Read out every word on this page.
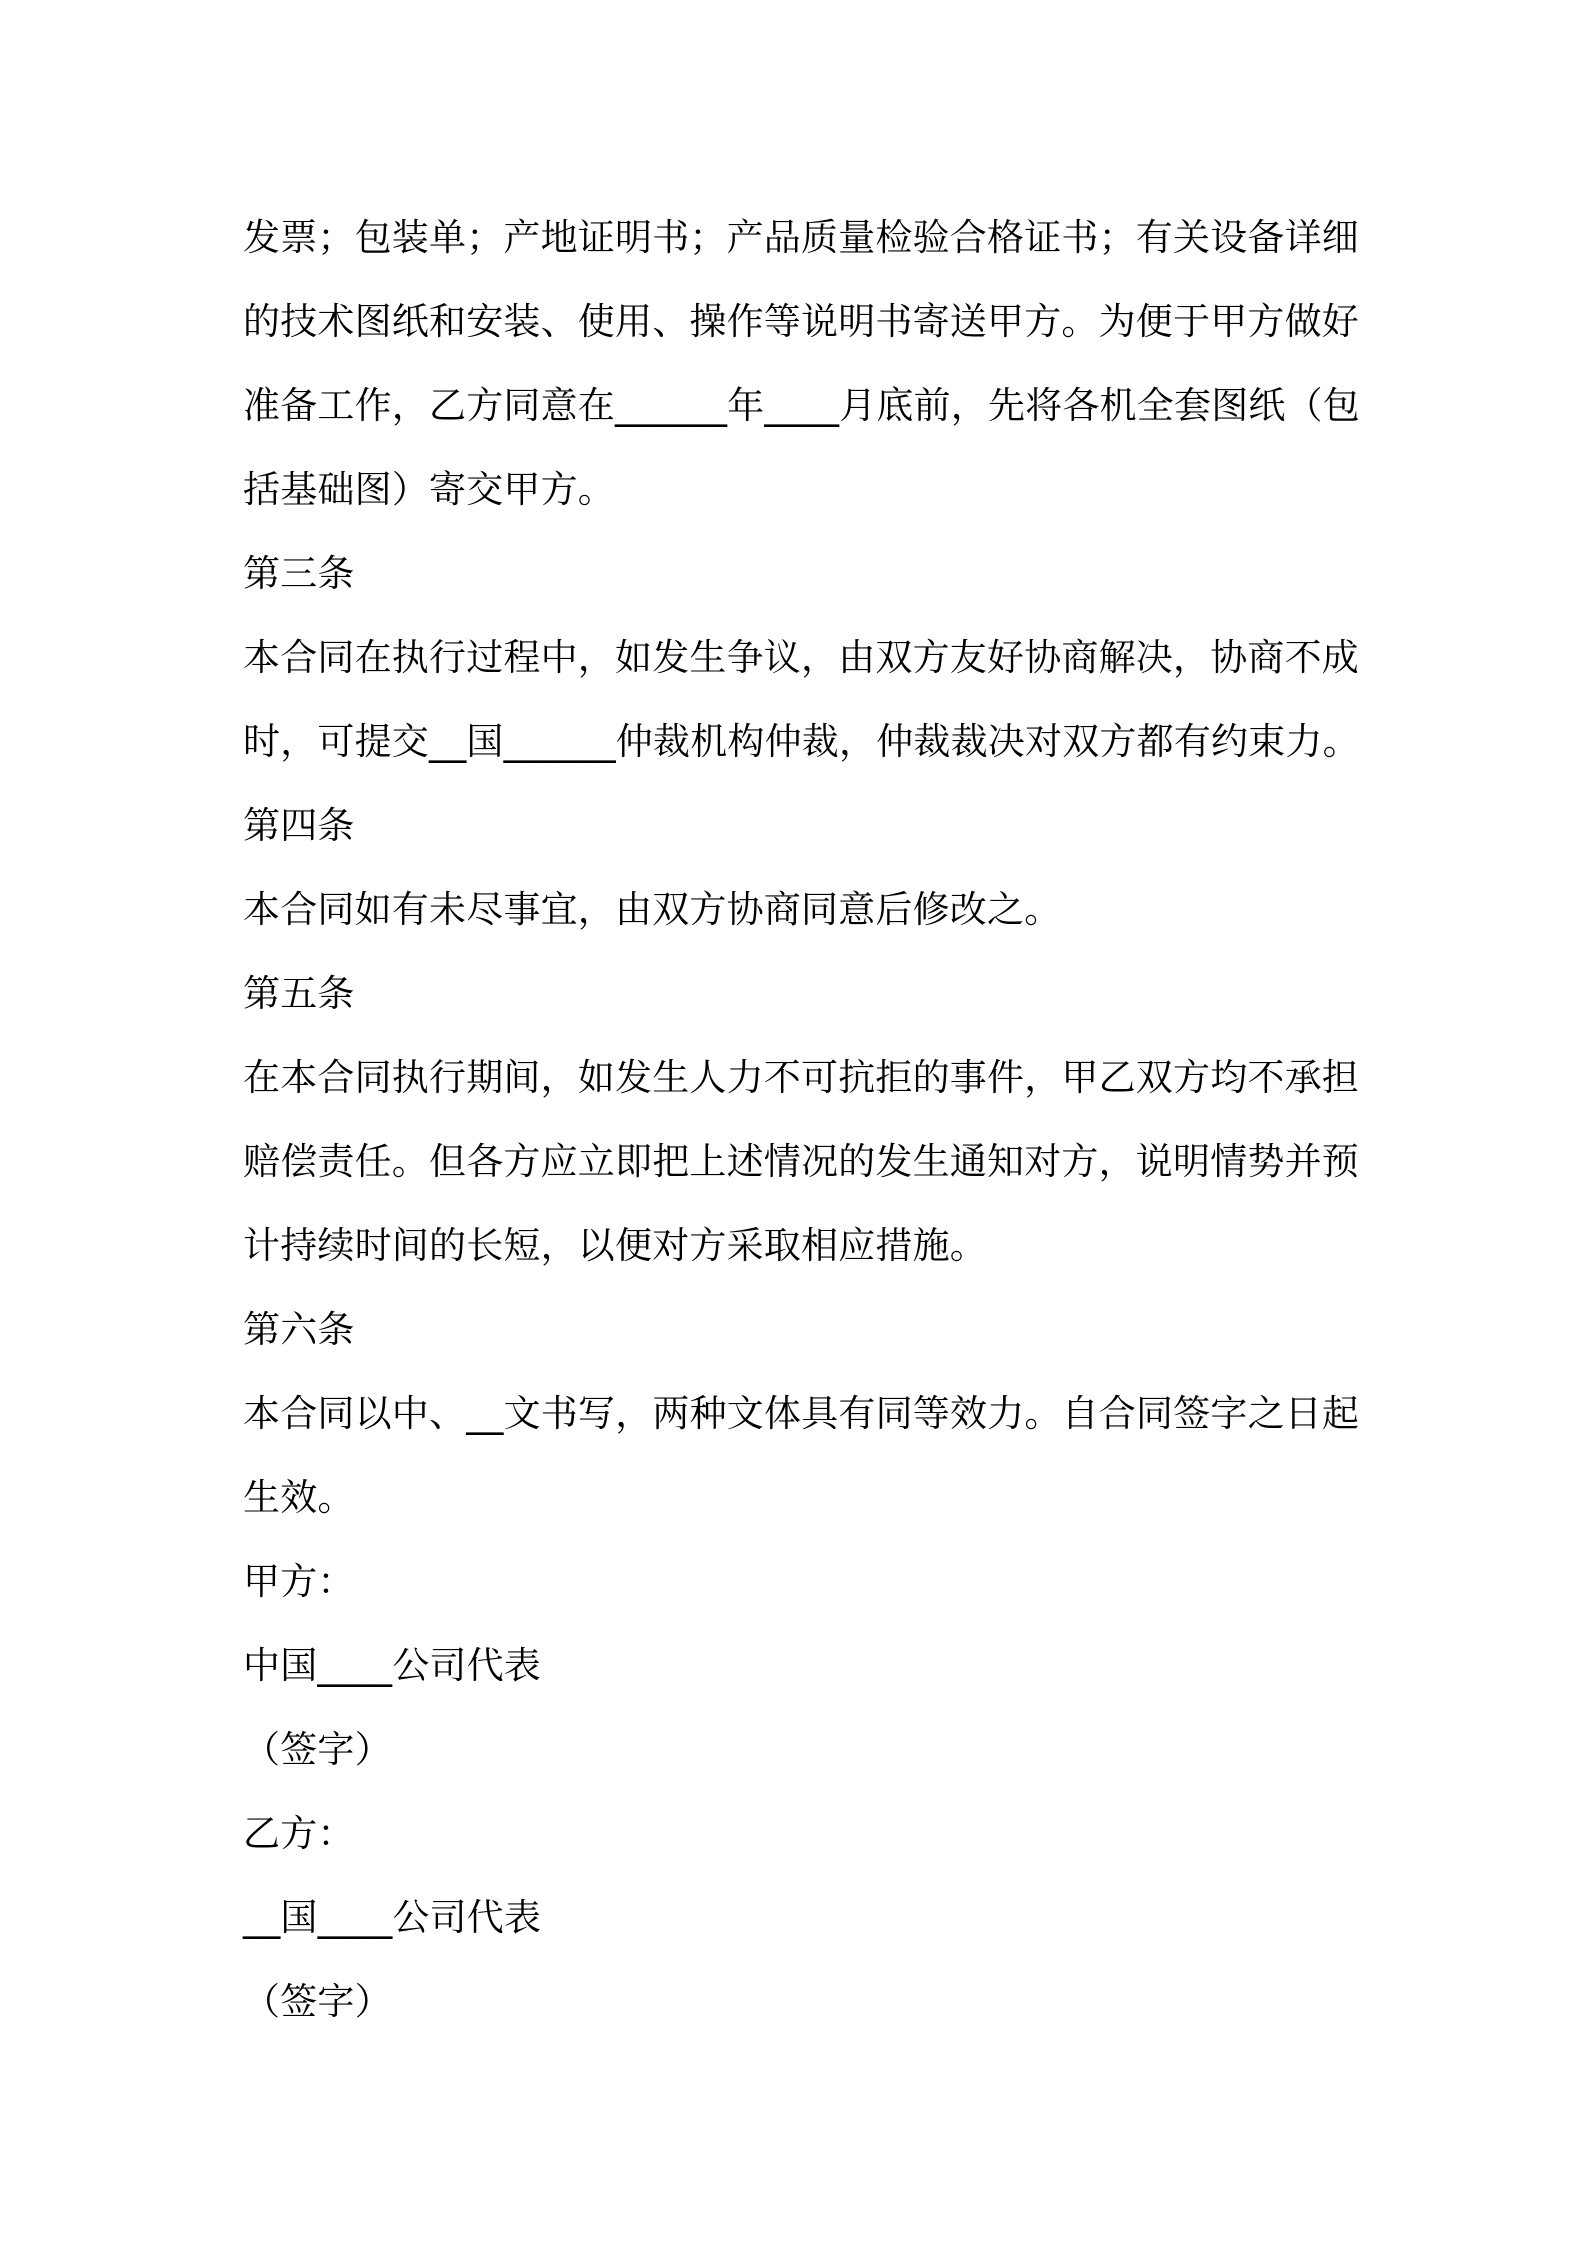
发票；包装单；产地证明书；产品质量检验合格证书；有关设备详细
的技术图纸和安装、使用、操作等说明书寄送甲方。为便于甲方做好
准备工作，乙方同意在______年____月底前，先将各机全套图纸（包
括基础图）寄交甲方。
第三条
本合同在执行过程中，如发生争议，由双方友好协商解决，协商不成
时，可提交__国______仲裁机构仲裁，仲裁裁决对双方都有约束力。
第四条
本合同如有未尽事宜，由双方协商同意后修改之。
第五条
在本合同执行期间，如发生人力不可抗拒的事件，甲乙双方均不承担
赔偿责任。但各方应立即把上述情况的发生通知对方，说明情势并预
计持续时间的长短，以便对方采取相应措施。
第六条
本合同以中、__文书写，两种文体具有同等效力。自合同签字之日起
生效。
甲方：
中国____公司代表
（签字）
乙方：
__国____公司代表
（签字）
